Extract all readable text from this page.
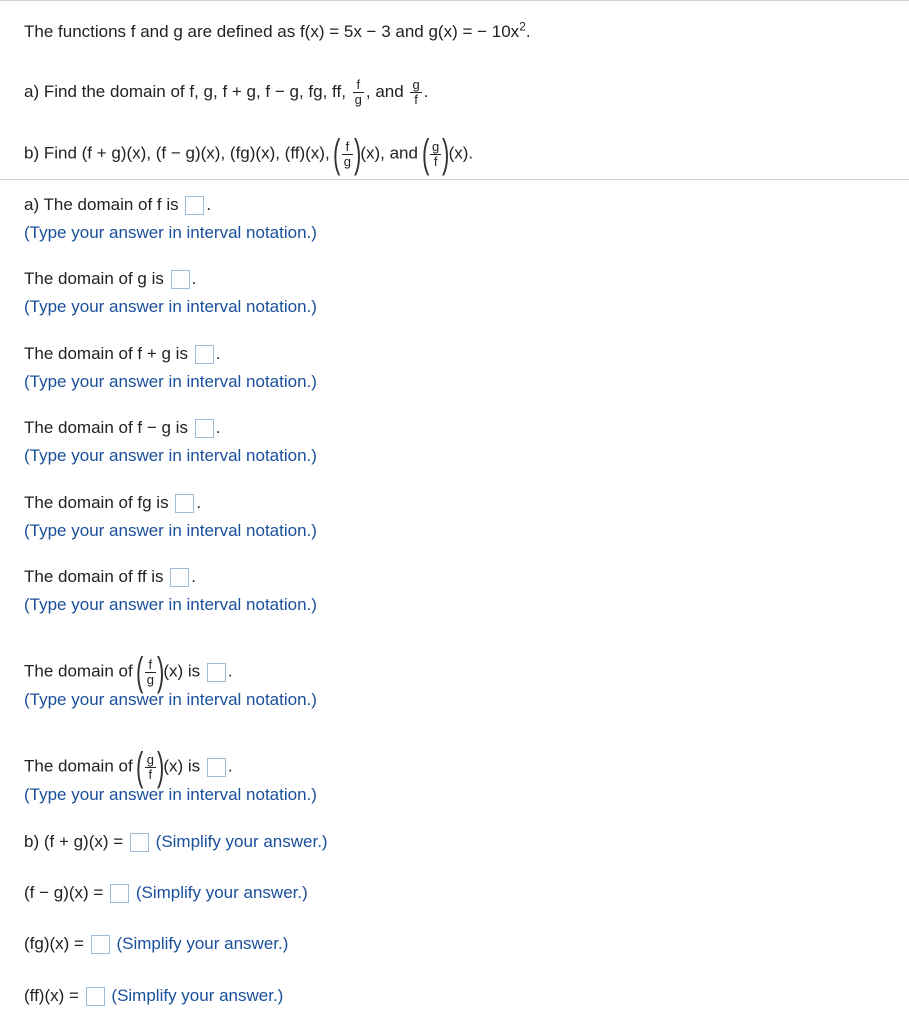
The functions f and g are defined as f(x) = 5x − 3 and g(x) = − $10x^2$.
a) Find the domain of f, g, f + g, f − g, fg, ff, $\frac{f}{g}$ , and $\frac{g}{f}$ .
b) Find (f + g)(x), (f − g)(x), (fg)(x), (ff)(x), ( $\frac{f}{g} )(x)$, and ( $\frac{g}{f} )(x)$.
a) The domain of f is .
(Type your answer in interval notation.)
The domain of g is .
(Type your answer in interval notation.)
The domain of f + g is .
(Type your answer in interval notation.)
The domain of f − g is .
(Type your answer in interval notation.)
The domain of fg is .
(Type your answer in interval notation.)
The domain of ff is .
(Type your answer in interval notation.)
The domain of ( $\frac{f}{g} )(x)$ is .
(Type your answer in interval notation.)
The domain of ( $\frac{g}{f} )(x)$ is .
(Type your answer in interval notation.)
b) (f + g)(x) = (Simplify your answer.)
(f − g)(x) = (Simplify your answer.)
(fg)(x) = (Simplify your answer.)
(ff)(x) = (Simplify your answer.)
